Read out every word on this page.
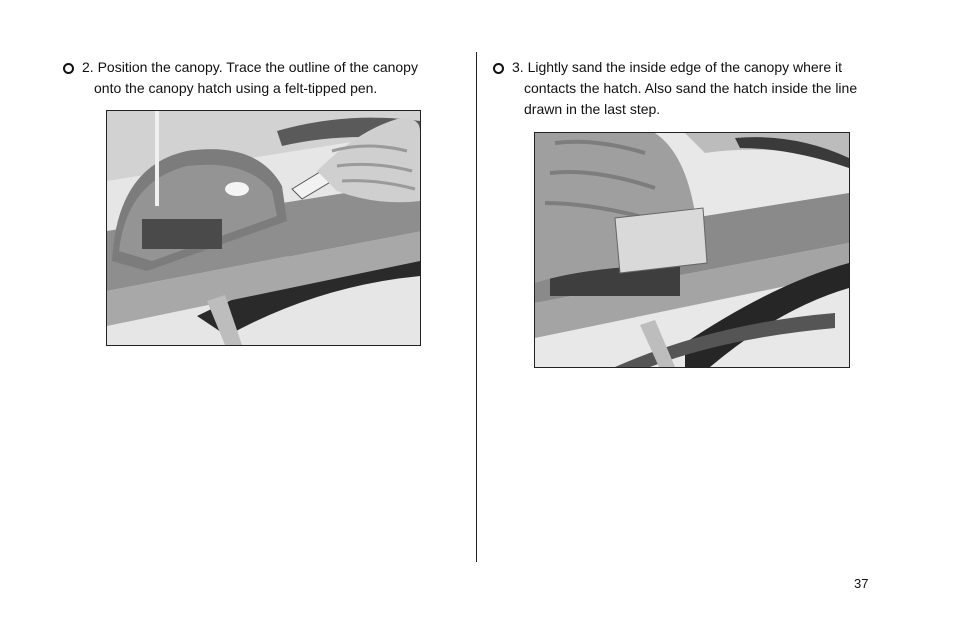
2. Position the canopy. Trace the outline of the canopy
onto the canopy hatch using a felt-tipped pen.
3. Lightly sand the inside edge of the canopy where it
contacts the hatch. Also sand the hatch inside the line drawn in the last step.
37
